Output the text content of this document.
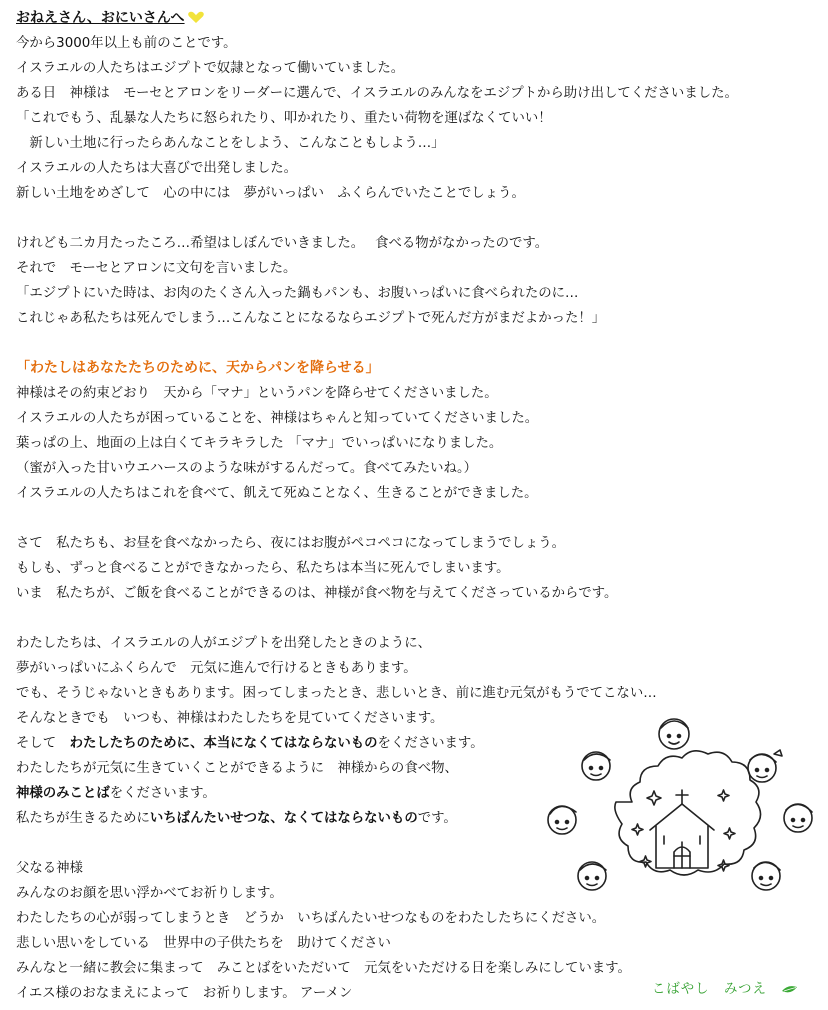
おねえさん、おにいさんへ
今から3000年以上も前のことです。
イスラエルの人たちはエジプトで奴隷となって働いていました。
ある日　神様は　モーセとアロンをリーダーに選んで、イスラエルのみんなをエジプトから助け出してくださいました。
「これでもう、乱暴な人たちに怒られたり、叩かれたり、重たい荷物を運ばなくていい！
　新しい土地に行ったらあんなことをしよう、こんなこともしよう…」
イスラエルの人たちは大喜びで出発しました。
新しい土地をめざして　心の中には　夢がいっぱい　ふくらんでいたことでしょう。
けれども二カ月たったころ…希望はしぼんでいきました。　 食べる物がなかったのです。
それで　モーセとアロンに文句を言いました。
「エジプトにいた時は、お肉のたくさん入った鍋もパンも、お腹いっぱいに食べられたのに…
これじゃあ私たちは死んでしまう…こんなことになるならエジプトで死んだ方がまだよかった！」
「わたしはあなたたちのために、天からパンを降らせる」
神様はその約束どおり　天から「マナ」というパンを降らせてくださいました。
イスラエルの人たちが困っていることを、神様はちゃんと知っていてくださいました。
葉っぱの上、地面の上は白くてキラキラした 「マナ」でいっぱいになりました。
（蜜が入った甘いウエハースのような味がするんだって。食べてみたいね。）
イスラエルの人たちはこれを食べて、飢えて死ぬことなく、生きることができました。
さて　私たちも、お昼を食べなかったら、夜にはお腹がペコペコになってしまうでしょう。
もしも、ずっと食べることができなかったら、私たちは本当に死んでしまいます。
いま　私たちが、ご飯を食べることができるのは、神様が食べ物を与えてくださっているからです。
わたしたちは、イスラエルの人がエジプトを出発したときのように、
夢がいっぱいにふくらんで　元気に進んで行けるときもあります。
でも、そうじゃないときもあります。困ってしまったとき、悲しいとき、前に進む元気がもうでてこない…
そんなときでも　いつも、神様はわたしたちを見ていてくださいます。
そして　わたしたちのために、本当になくてはならないものをくださいます。
わたしたちが元気に生きていくことができるように　神様からの食べ物、
神様のみことばをくださいます。
私たちが生きるためにいちばんたいせつな、なくてはならないものです。
父なる神様
みんなのお顔を思い浮かべてお祈りします。
わたしたちの心が弱ってしまうとき　どうか　いちばんたいせつなものをわたしたちにください。
悲しい思いをしている　世界中の子供たちを　助けてください
みんなと一緒に教会に集まって　みことばをいただいて　元気をいただける日を楽しみにしています。
イエス様のおなまえによって　お祈りします。 アーメン	こばやし　みつえ
